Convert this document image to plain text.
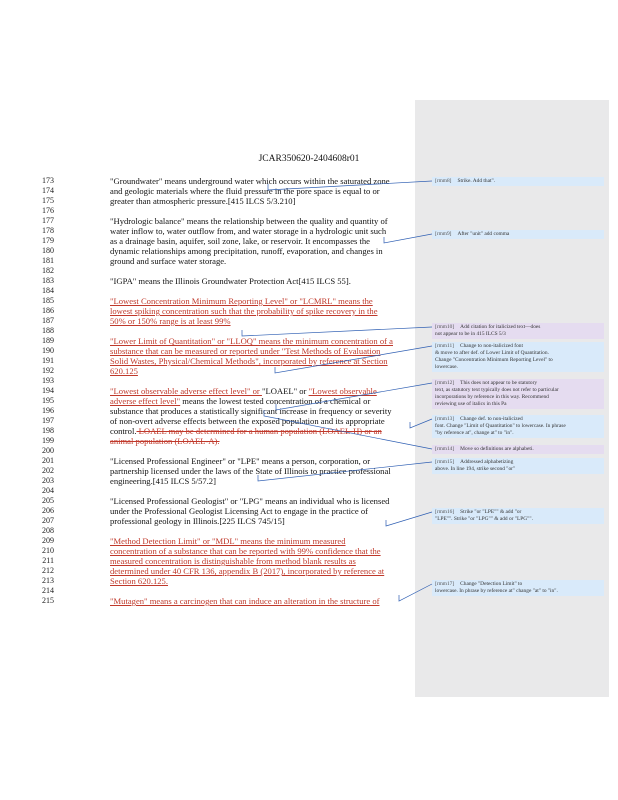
JCAR350620-2404608r01
173
174
175
176
177
178
179
180
181
182
183
184
185
186
187
188
189
190
191
192
193
194
195
196
197
198
199
200
201
202
203
204
205
206
207
208
209
210
211
212
213
214
215
"Groundwater" means underground water which occurs within the saturated zone
and geologic materials where the fluid pressure in the pore space is equal to or
greater than atmospheric pressure.[415 ILCS 5/3.210]
"Hydrologic balance" means the relationship between the quality and quantity of
water inflow to, water outflow from, and water storage in a hydrologic unit such
as a drainage basin, aquifer, soil zone, lake, or reservoir. It encompasses the
dynamic relationships among precipitation, runoff, evaporation, and changes in
ground and surface water storage.
"IGPA" means the Illinois Groundwater Protection Act[415 ILCS 55].
"Lowest Concentration Minimum Reporting Level" or "LCMRL" means the
lowest spiking concentration such that the probability of spike recovery in the
50% or 150% range is at least 99%
"Lower Limit of Quantitation" or "LLOQ" means the minimum concentration of a
substance that can be measured or reported under "Test Methods of Evaluation
Solid Wastes, Physical/Chemical Methods", incorporated by reference at Section
620.125
"Lowest observable adverse effect level" or "LOAEL" or "Lowest observable
adverse effect level" means the lowest tested concentration of a chemical or
substance that produces a statistically significant increase in frequency or severity
of non-overt adverse effects between the exposed population and its appropriate
control. LOAEL may be determined for a human population (LOAEL-H) or an
animal population (LOAEL-A).
"Licensed Professional Engineer" or "LPE" means a person, corporation, or
partnership licensed under the laws of the State of Illinois to practice professional
engineering.[415 ILCS 5/57.2]
"Licensed Professional Geologist" or "LPG" means an individual who is licensed
under the Professional Geologist Licensing Act to engage in the practice of
professional geology in Illinois.[225 ILCS 745/15]
"Method Detection Limit" or "MDL" means the minimum measured
concentration of a substance that can be reported with 99% confidence that the
measured concentration is distinguishable from method blank results as
determined under 40 CFR 136, appendix B (2017), incorporated by reference at
Section 620.125.
"Mutagen" means a carcinogen that can induce an alteration in the structure of
[rmm8] Strike. Add that".
[rmm9] After "unit" add comma
[rmm10] Add citation for italicized text—does
not appear to be in 415 ILCS 5/3
[rmm11] Change to non-italicized font
& move to after def. of Lower Limit of Quantitation.
Change "Concentration Minimum Reporting Level" to
lowercase.
[rmm12] This does not appear to be statutory
text, as statutory text typically does not refer to particular
incorporations by reference in this way. Recommend
reviewing use of italics in this Pa
[rmm13] Change def. to non-italicized
font. Change "Limit of Quantitation" to lowercase. In phrase
"by reference at", change at" to "in".
[rmm14] Move so definitions are alphabeti.
[rmm15] Addressed alphabetizing
above. In line 194, strike second "or"
[rmm16] Strike "or "LPE"" & add "or
"LPE"". Strike "or "LPG"" & add or "LPG"".
[rmm17] Change "Detection Limit" to
lowercase. In phrase by reference at" change "at" to "in".
